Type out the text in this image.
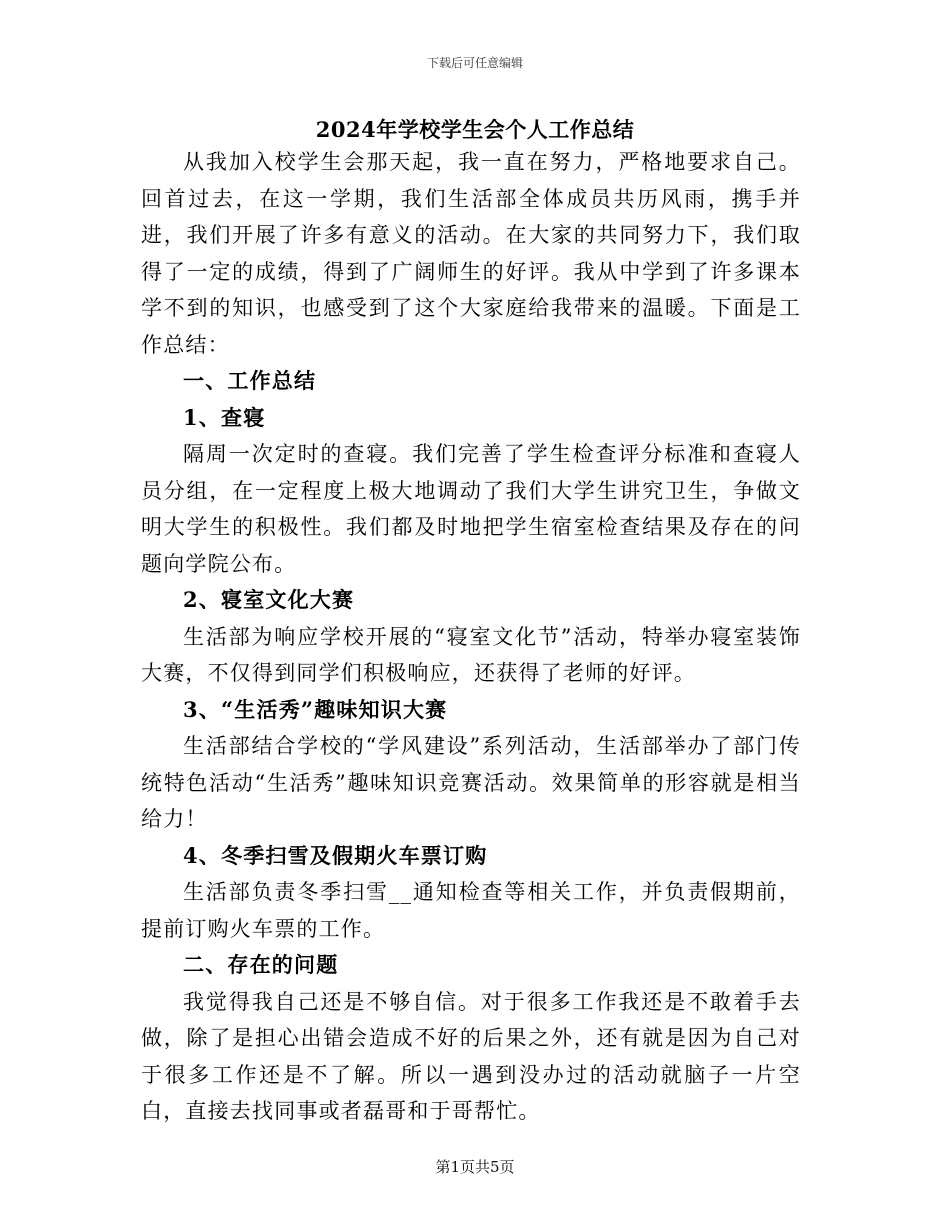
下载后可任意编辑
2024年学校学生会个人工作总结

从我加入校学生会那天起，我一直在努力，严格地要求自己。回首过去，在这一学期，我们生活部全体成员共历风雨，携手并进，我们开展了许多有意义的活动。在大家的共同努力下，我们取得了一定的成绩，得到了广阔师生的好评。我从中学到了许多课本学不到的知识，也感受到了这个大家庭给我带来的温暖。下面是工作总结：

一、工作总结

1、查寝

隔周一次定时的查寝。我们完善了学生检查评分标准和查寝人员分组，在一定程度上极大地调动了我们大学生讲究卫生，争做文明大学生的积极性。我们都及时地把学生宿室检查结果及存在的问题向学院公布。

2、寝室文化大赛

生活部为响应学校开展的“寝室文化节”活动，特举办寝室装饰大赛，不仅得到同学们积极响应，还获得了老师的好评。

3、“生活秀”趣味知识大赛

生活部结合学校的“学风建设”系列活动，生活部举办了部门传统特色活动“生活秀”趣味知识竞赛活动。效果简单的形容就是相当给力！

4、冬季扫雪及假期火车票订购

生活部负责冬季扫雪__通知检查等相关工作，并负责假期前，提前订购火车票的工作。

二、存在的问题

我觉得我自己还是不够自信。对于很多工作我还是不敢着手去做，除了是担心出错会造成不好的后果之外，还有就是因为自己对于很多工作还是不了解。所以一遇到没办过的活动就脑子一片空白，直接去找同事或者磊哥和于哥帮忙。

第1页共5页
